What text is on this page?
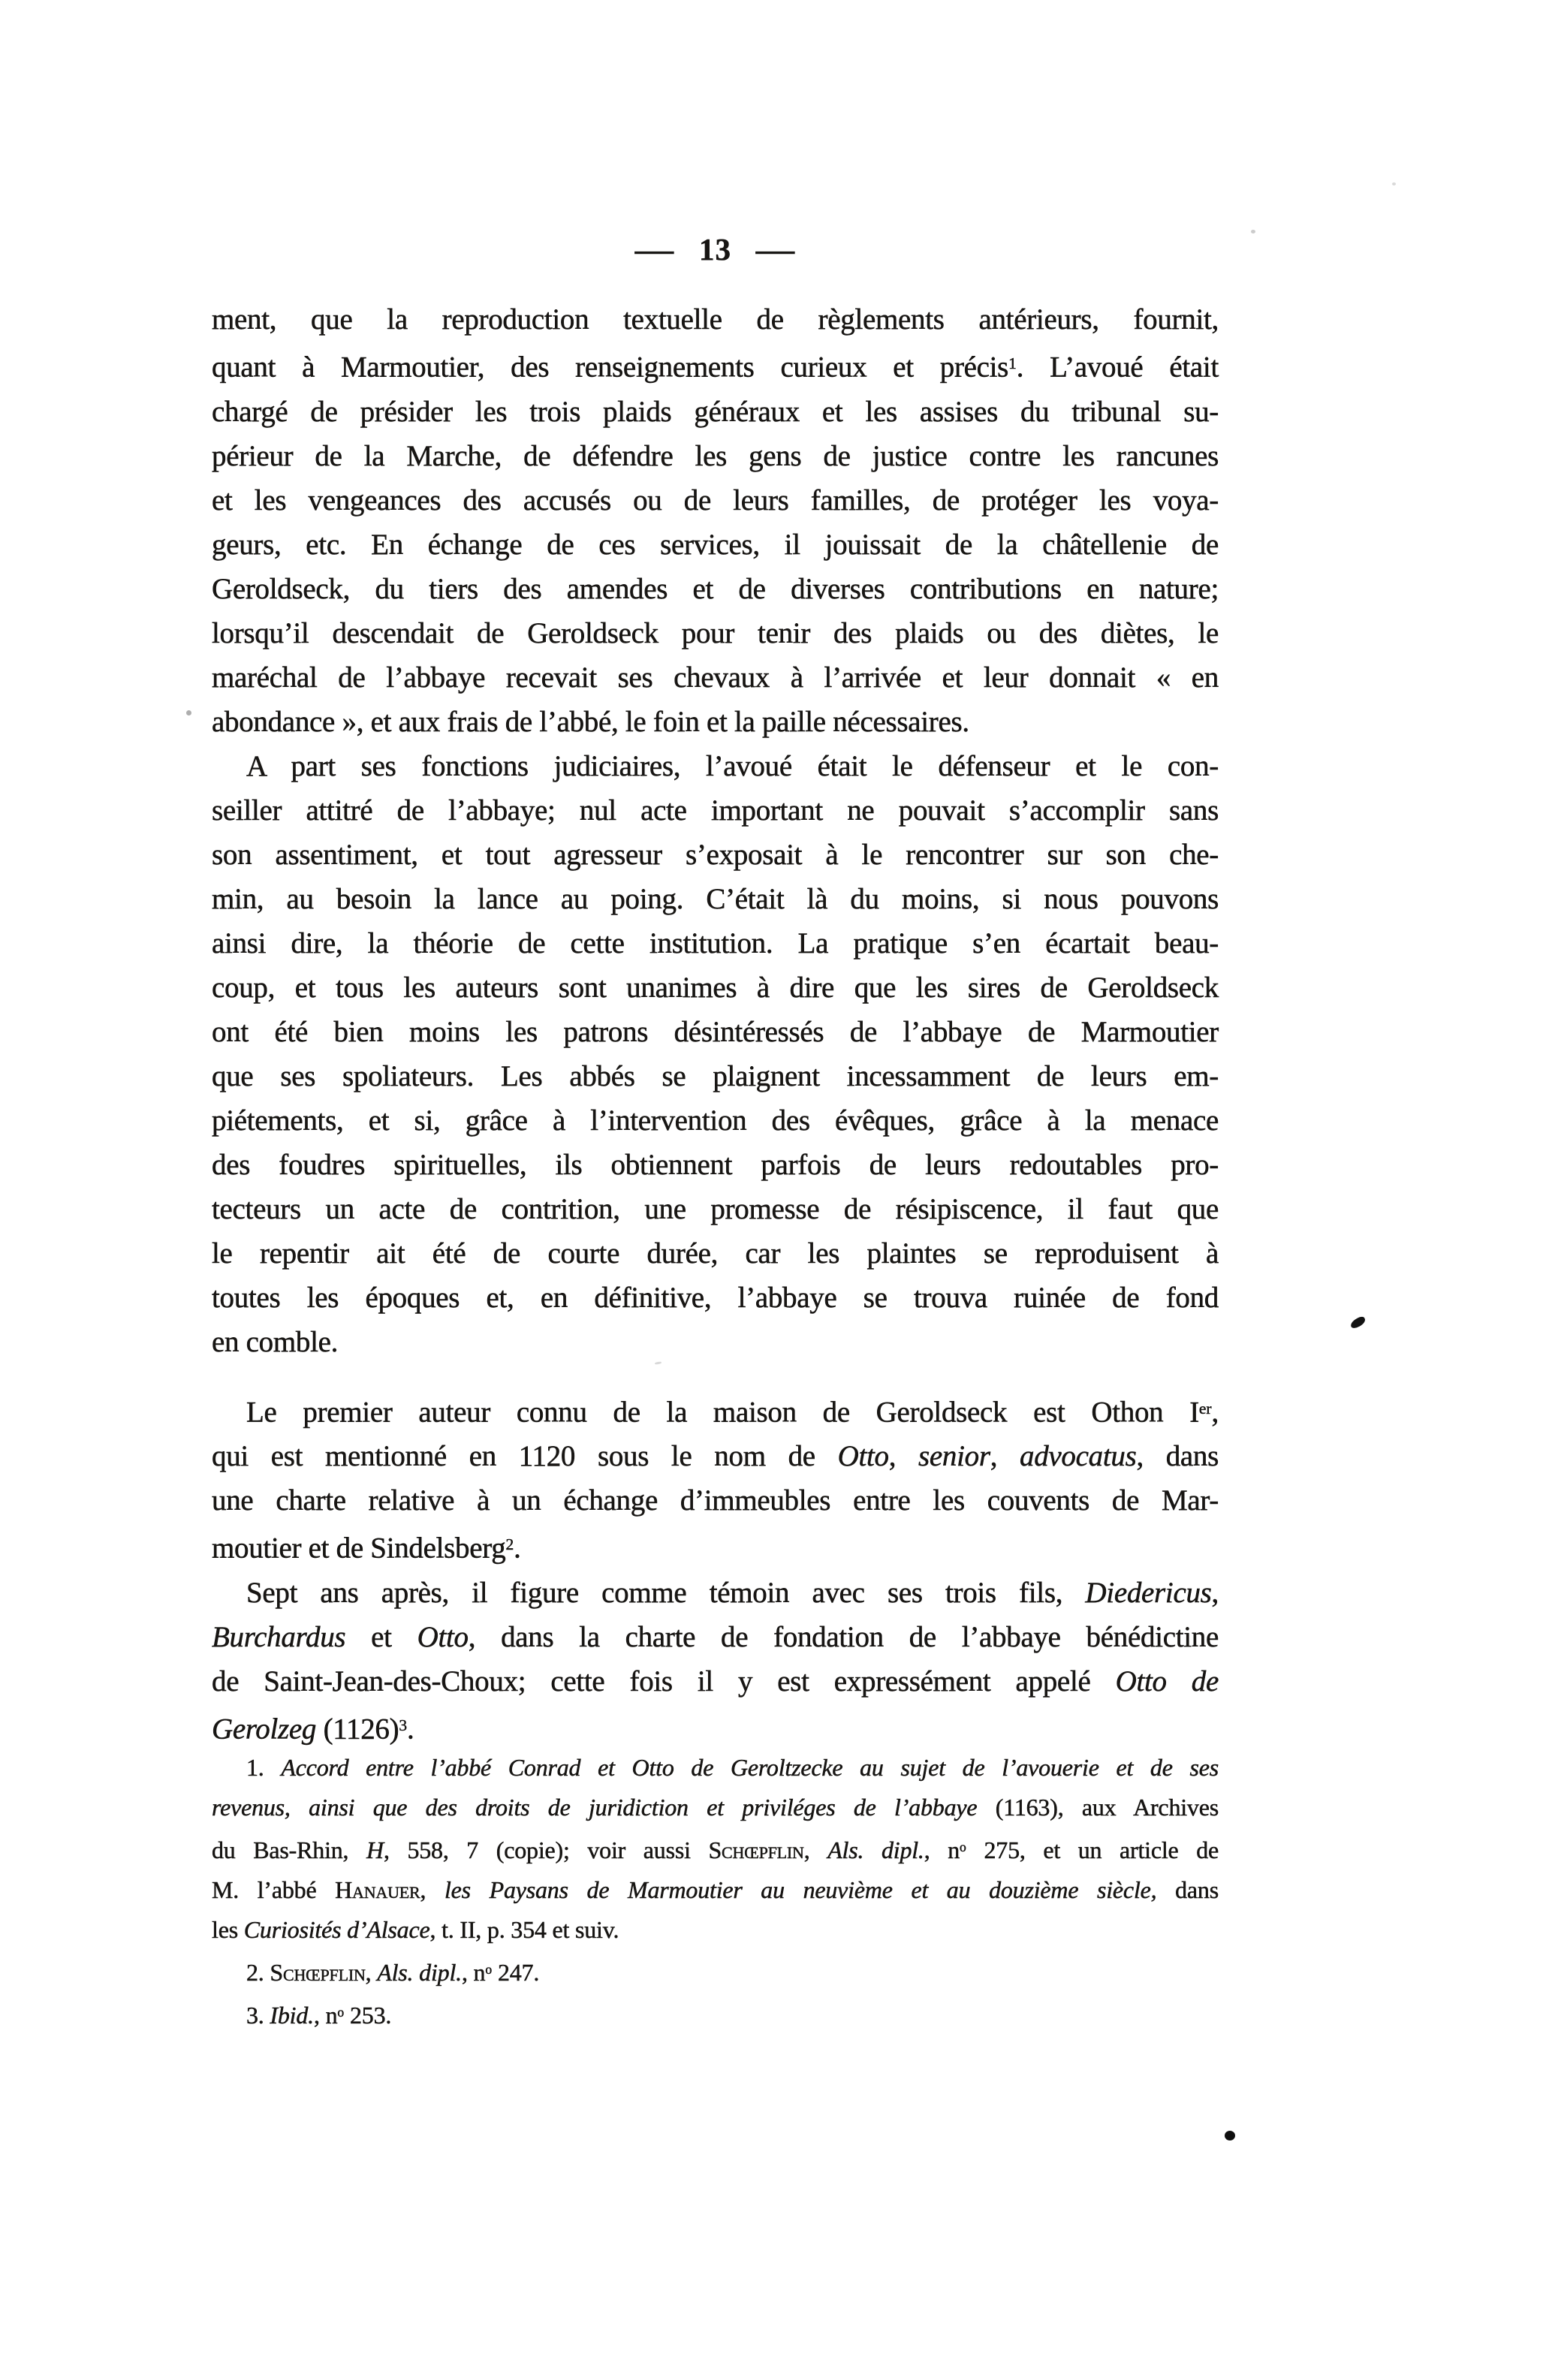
— 13 —
ment, que la reproduction textuelle de règlements antérieurs, fournit,
quant à Marmoutier, des renseignements curieux et précis$^1$. L’avoué était
chargé de présider les trois plaids généraux et les assises du tribunal su-
périeur de la Marche, de défendre les gens de justice contre les rancunes
et les vengeances des accusés ou de leurs familles, de protéger les voya-
geurs, etc. En échange de ces services, il jouissait de la châtellenie de
Geroldseck, du tiers des amendes et de diverses contributions en nature;
lorsqu’il descendait de Geroldseck pour tenir des plaids ou des diètes, le
maréchal de l’abbaye recevait ses chevaux à l’arrivée et leur donnait « en
abondance », et aux frais de l’abbé, le foin et la paille nécessaires.
A part ses fonctions judiciaires, l’avoué était le défenseur et le con-
seiller attitré de l’abbaye; nul acte important ne pouvait s’accomplir sans
son assentiment, et tout agresseur s’exposait à le rencontrer sur son che-
min, au besoin la lance au poing. C’était là du moins, si nous pouvons
ainsi dire, la théorie de cette institution. La pratique s’en écartait beau-
coup, et tous les auteurs sont unanimes à dire que les sires de Geroldseck
ont été bien moins les patrons désintéressés de l’abbaye de Marmoutier
que ses spoliateurs. Les abbés se plaignent incessamment de leurs em-
piétements, et si, grâce à l’intervention des évêques, grâce à la menace
des foudres spirituelles, ils obtiennent parfois de leurs redoutables pro-
tecteurs un acte de contrition, une promesse de résipiscence, il faut que
le repentir ait été de courte durée, car les plaintes se reproduisent à
toutes les époques et, en définitive, l’abbaye se trouva ruinée de fond
en comble.
Le premier auteur connu de la maison de Geroldseck est Othon Ier,
qui est mentionné en 1120 sous le nom de Otto, senior, advocatus, dans
une charte relative à un échange d’immeubles entre les couvents de Mar-
moutier et de Sindelsberg$^2$.
Sept ans après, il figure comme témoin avec ses trois fils, Diedericus,
Burchardus et Otto, dans la charte de fondation de l’abbaye bénédictine
de Saint-Jean-des-Choux; cette fois il y est expressément appelé Otto de
Gerolzeg $(1126)^3$.
1. Accord entre l’abbé Conrad et Otto de Geroltzecke au sujet de l’avouerie et de ses
revenus, ainsi que des droits de juridiction et priviléges de l’abbaye (1163), aux Archives
du Bas-Rhin, H, 558, 7 (copie); voir aussi Schœpflin, Als. dipl., $n^o$ 275, et un article de
M. l’abbé Hanauer, les Paysans de Marmoutier au neuvième et au douzième siècle, dans
les Curiosités d’Alsace, t. II, p. 354 et suiv.
2. Schœpflin, Als. dipl., $n^o$ 247.
3. Ibid., $n^o$ 253.
